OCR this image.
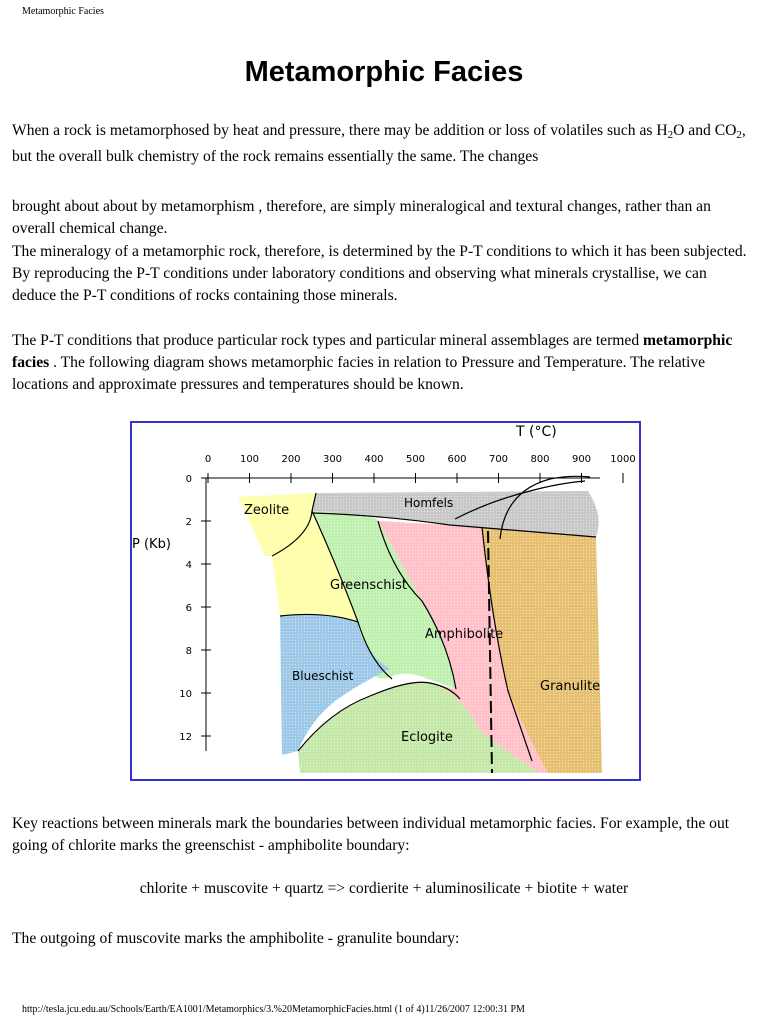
Metamorphic Facies
Metamorphic Facies

When a rock is metamorphosed by heat and pressure, there may be addition or loss of volatiles such as $H_2O$ and $CO_2$, but the overall bulk chemistry of the rock remains essentially the same. The changes

brought about about by metamorphism , therefore, are simply mineralogical and textural changes, rather than an overall chemical change.

The mineralogy of a metamorphic rock, therefore, is determined by the P-T conditions to which it has been subjected. By reproducing the P-T conditions under laboratory conditions and observing what minerals crystallise, we can deduce the P-T conditions of rocks containing those minerals.

The P-T conditions that produce particular rock types and particular mineral assemblages are termed metamorphic facies . The following diagram shows metamorphic facies in relation to Pressure and Temperature. The relative locations and approximate pressures and temperatures should be known.

0	100 200 300 400 500 600 700 800 900 1000
0
2
4
6
8
10
12
T (°C)
P (Kb)
Zeolite	Homfels
Greenschist
Amphibolite
Blueschist
Granulite
Eclogite

Key reactions between minerals mark the boundaries between individual metamorphic facies. For example, the out going of chlorite marks the greenschist - amphibolite boundary:

chlorite + muscovite + quartz => cordierite + aluminosilicate + biotite + water

The outgoing of muscovite marks the amphibolite - granulite boundary:

http://tesla.jcu.edu.au/Schools/Earth/EA1001/Metamorphics/3.%20MetamorphicFacies.html (1 of 4)11/26/2007 12:00:31 PM
